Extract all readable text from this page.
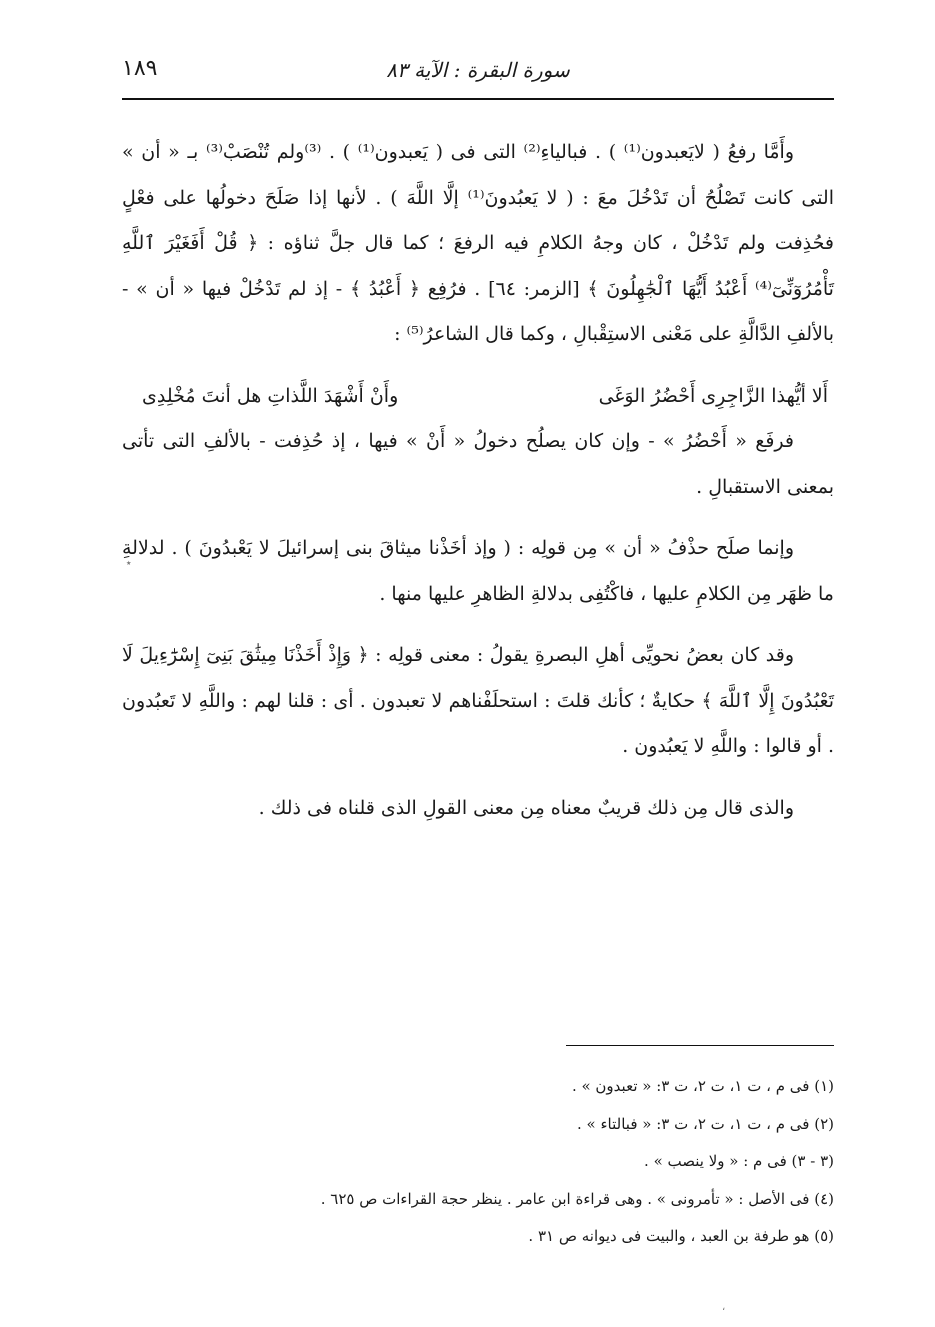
سورة البقرة : الآية ٨٣
١٨٩

وأَمَّا رفعُ ( لايَعبدون⁽¹⁾ ) . فبالياءِ⁽²⁾ التى فى ( يَعبدون⁽¹⁾ ) . ⁽³⁾ولم تُنْصَبْ⁽³⁾ بـ « أن » التى كانت تَصْلُحُ أن تَدْخُلَ معَ : ( لا يَعبُدونَ⁽¹⁾ إلَّا اللَّهَ ) . لأنها إذا صَلَحَ دخولُها على فعْلٍ فحُذِفت ولم تَدْخُلْ ، كان وجهُ الكلامِ فيه الرفعَ ؛ كما قال جلَّ ثناؤه : ﴿ قُلْ أَفَغَيْرَ ٱللَّهِ تَأْمُرُوٓنِّىٓ⁽⁴⁾ أَعْبُدُ أَيُّهَا ٱلْجَٰهِلُونَ ﴾ [الزمر: ٦٤] . فرُفِع ﴿ أَعْبُدُ ﴾ - إذ لم تَدْخُلْ فيها « أن » - بالألفِ الدَّالَّةِ على مَعْنى الاستِقْبالِ ، وكما قال الشاعرُ⁽⁵⁾ :

أَلا أيُّهذا الزَّاجِرِى أَحْضُرُ الوَغَى
وأَنْ أَشْهَدَ اللَّذاتِ هل أنتَ مُخْلِدِى

فرفَع « أَحْضُرُ » - وإن كان يصلُح دخولُ « أَنْ » فيها ، إذ حُذِفت - بالألفِ التى تأتى بمعنى الاستقبالِ .

وإنما صلَح حذْفُ « أن » مِن قولِه : ( وإذ أخَذْنا ميثاقَ بنى إسرائيلَ لا يَعْبدُونَ ) . لدلالةِ ما ظهَر مِن الكلامِ عليها ، فاكْتُفِى بدلالةِ الظاهرِ عليها منها .

وقد كان بعضُ نحويِّى أهلِ البصرةِ يقولُ : معنى قولِه : ﴿ وَإِذْ أَخَذْنَا مِيثَٰقَ بَنِىٓ إِسْرَٰٓءِيلَ لَا تَعْبُدُونَ إِلَّا ٱللَّهَ ﴾ حكايةٌ ؛ كأنك قلتَ : استحلَفْناهم لا تعبدون . أى : قلنا لهم : واللَّهِ لا تَعبُدون . أو قالوا : واللَّهِ لا يَعبُدون .

والذى قال مِن ذلك قريبٌ معناه مِن معنى القولِ الذى قلناه فى ذلك .

(١) فى م ، ت ١، ت ٢، ت ٣: « تعبدون » .

(٢) فى م ، ت ١، ت ٢، ت ٣: « فبالتاء » .

(٣ - ٣) فى م : « ولا ينصب » .

(٤) فى الأصل : « تأمرونى » . وهى قراءة ابن عامر . ينظر حجة القراءات ص ٦٢٥ .

(٥) هو طرفة بن العبد ، والبيت فى ديوانه ص ٣١ .

٭
،
